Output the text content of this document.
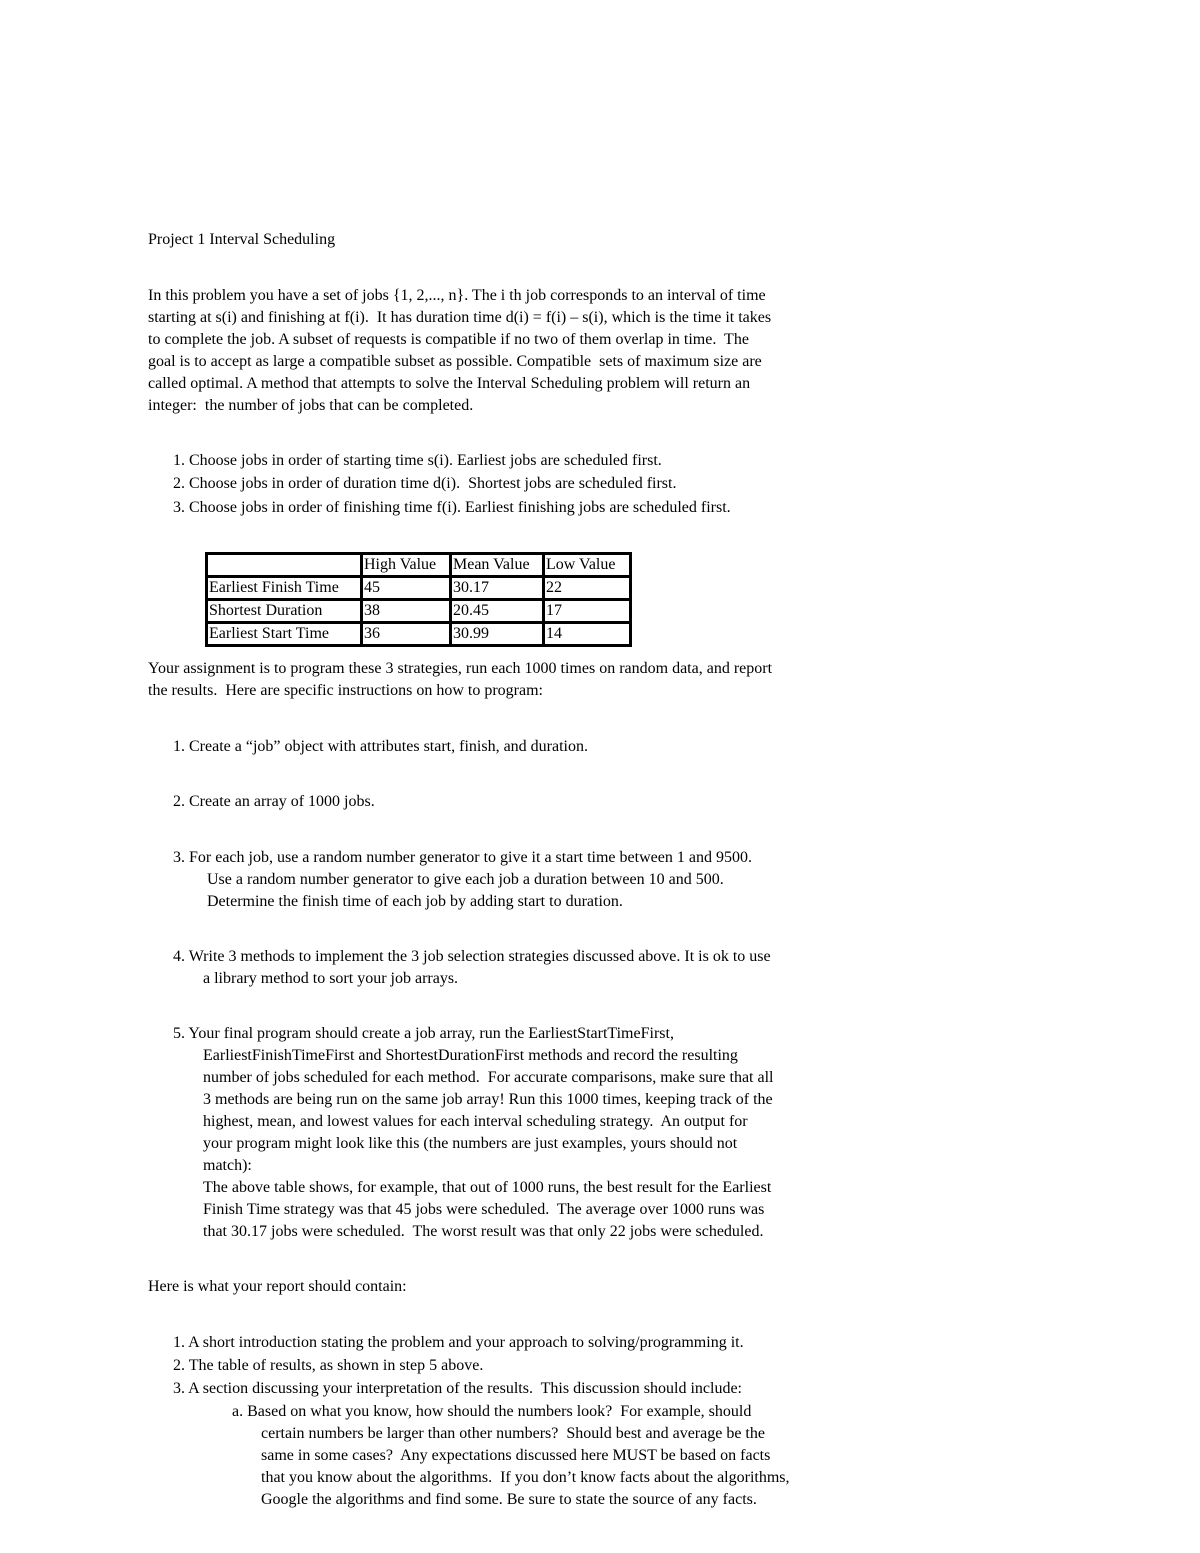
Project 1 Interval Scheduling
In this problem you have a set of jobs {1, 2,..., n}. The i th job corresponds to an interval of time
starting at s(i) and finishing at f(i).  It has duration time d(i) = f(i) – s(i), which is the time it takes
to complete the job. A subset of requests is compatible if no two of them overlap in time.  The
goal is to accept as large a compatible subset as possible. Compatible  sets of maximum size are
called optimal. A method that attempts to solve the Interval Scheduling problem will return an
integer:  the number of jobs that can be completed.
1. Choose jobs in order of starting time s(i). Earliest jobs are scheduled first.
2. Choose jobs in order of duration time d(i).  Shortest jobs are scheduled first.
3. Choose jobs in order of finishing time f(i). Earliest finishing jobs are scheduled first.
	High Value	Mean Value	Low Value
Earliest Finish Time	45	30.17	22
Shortest Duration	38	20.45	17
Earliest Start Time	36	30.99	14
Your assignment is to program these 3 strategies, run each 1000 times on random data, and report
the results.  Here are specific instructions on how to program:
1. Create a “job” object with attributes start, finish, and duration.
2. Create an array of 1000 jobs.
3. For each job, use a random number generator to give it a start time between 1 and 9500.
Use a random number generator to give each job a duration between 10 and 500.
Determine the finish time of each job by adding start to duration.
4. Write 3 methods to implement the 3 job selection strategies discussed above. It is ok to use
a library method to sort your job arrays.
5. Your final program should create a job array, run the EarliestStartTimeFirst,
EarliestFinishTimeFirst and ShortestDurationFirst methods and record the resulting
number of jobs scheduled for each method.  For accurate comparisons, make sure that all
3 methods are being run on the same job array! Run this 1000 times, keeping track of the
highest, mean, and lowest values for each interval scheduling strategy.  An output for
your program might look like this (the numbers are just examples, yours should not
match):
The above table shows, for example, that out of 1000 runs, the best result for the Earliest
Finish Time strategy was that 45 jobs were scheduled.  The average over 1000 runs was
that 30.17 jobs were scheduled.  The worst result was that only 22 jobs were scheduled.
Here is what your report should contain:
1. A short introduction stating the problem and your approach to solving/programming it.
2. The table of results, as shown in step 5 above.
3. A section discussing your interpretation of the results.  This discussion should include:
a. Based on what you know, how should the numbers look?  For example, should
certain numbers be larger than other numbers?  Should best and average be the
same in some cases?  Any expectations discussed here MUST be based on facts
that you know about the algorithms.  If you don’t know facts about the algorithms,
Google the algorithms and find some. Be sure to state the source of any facts.
